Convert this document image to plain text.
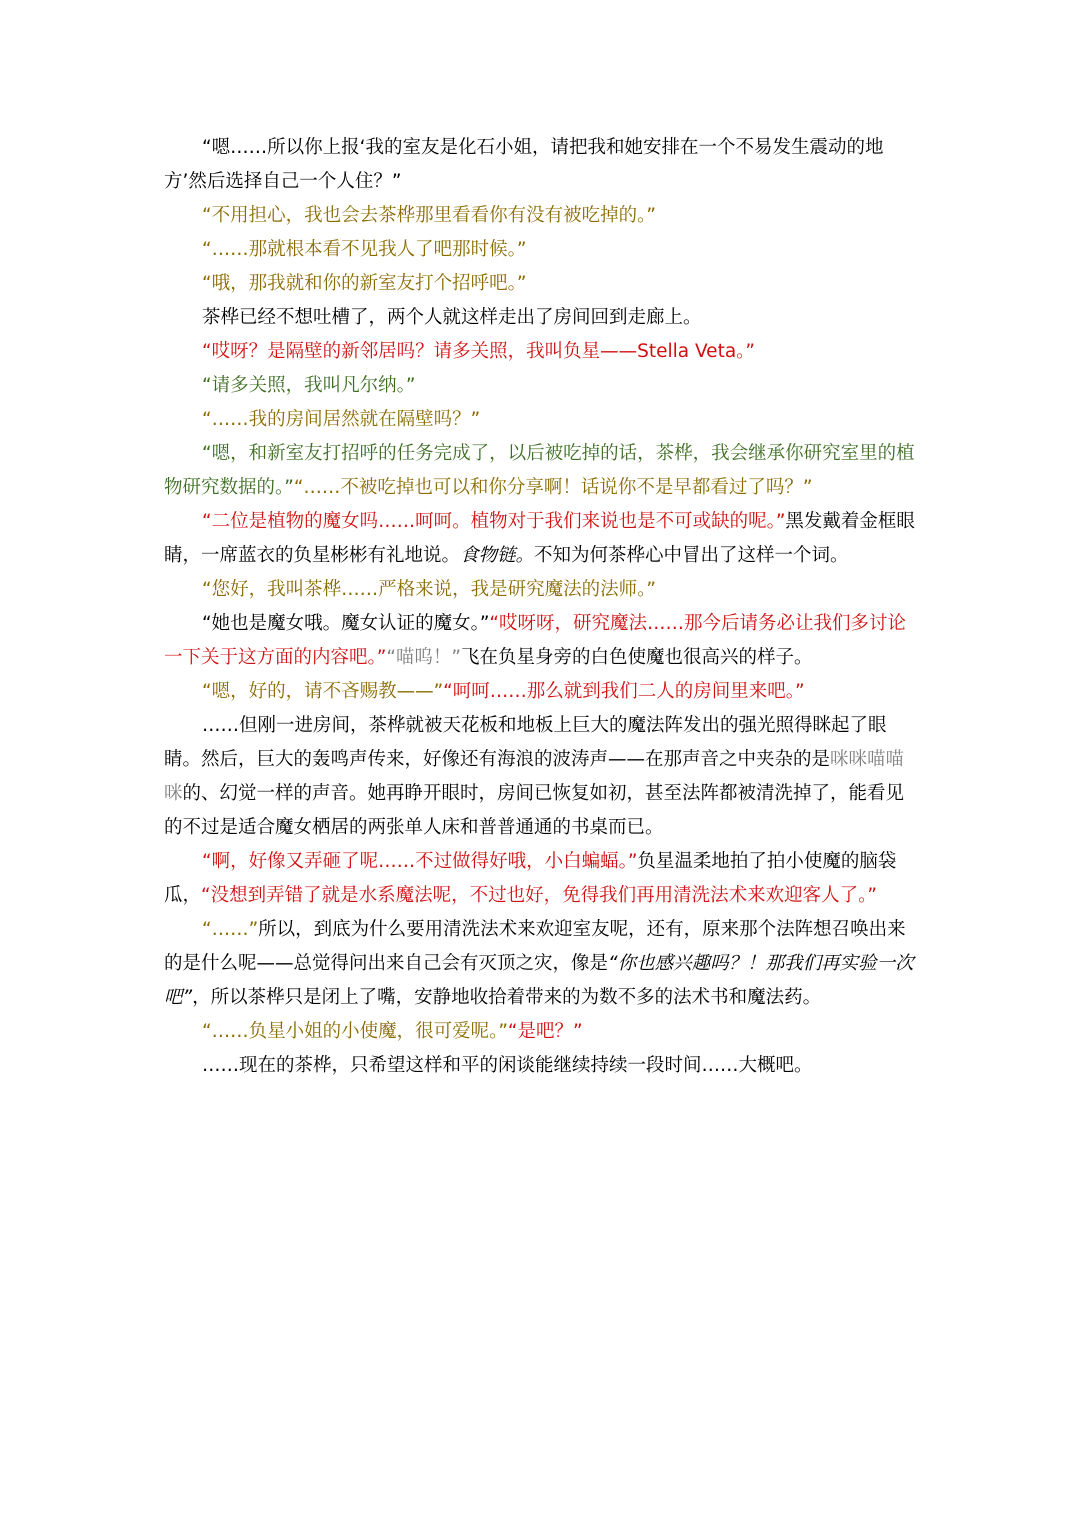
“嗯……所以你上报‘我的室友是化石小姐，请把我和她安排在一个不易发生震动的地方’然后选择自己一个人住？”

“不用担心，我也会去茶桦那里看看你有没有被吃掉的。”

“……那就根本看不见我人了吧那时候。”

“哦，那我就和你的新室友打个招呼吧。”

茶桦已经不想吐槽了，两个人就这样走出了房间回到走廊上。

“哎呀？是隔壁的新邻居吗？请多关照，我叫负星——Stella Veta。”

“请多关照，我叫凡尔纳。”

“……我的房间居然就在隔壁吗？”

“嗯，和新室友打招呼的任务完成了，以后被吃掉的话，茶桦，我会继承你研究室里的植物研究数据的。”“……不被吃掉也可以和你分享啊！话说你不是早都看过了吗？”

“二位是植物的魔女吗……呵呵。植物对于我们来说也是不可或缺的呢。”黑发戴着金框眼睛，一席蓝衣的负星彬彬有礼地说。食物链。不知为何茶桦心中冒出了这样一个词。

“您好，我叫茶桦……严格来说，我是研究魔法的法师。”

“她也是魔女哦。魔女认证的魔女。”“哎呀呀，研究魔法……那今后请务必让我们多讨论一下关于这方面的内容吧。”“喵呜！”飞在负星身旁的白色使魔也很高兴的样子。

“嗯，好的，请不吝赐教——”“呵呵……那么就到我们二人的房间里来吧。”

……但刚一进房间，茶桦就被天花板和地板上巨大的魔法阵发出的强光照得眯起了眼睛。然后，巨大的轰鸣声传来，好像还有海浪的波涛声——在那声音之中夹杂的是咪咪喵喵咪的、幻觉一样的声音。她再睁开眼时，房间已恢复如初，甚至法阵都被清洗掉了，能看见的不过是适合魔女栖居的两张单人床和普普通通的书桌而已。

“啊，好像又弄砸了呢……不过做得好哦，小白蝙蝠。”负星温柔地拍了拍小使魔的脑袋瓜，“没想到弄错了就是水系魔法呢，不过也好，免得我们再用清洗法术来欢迎客人了。”

“……”所以，到底为什么要用清洗法术来欢迎室友呢，还有，原来那个法阵想召唤出来的是什么呢——总觉得问出来自己会有灭顶之灾，像是“你也感兴趣吗？！那我们再实验一次吧”，所以茶桦只是闭上了嘴，安静地收拾着带来的为数不多的法术书和魔法药。

“……负星小姐的小使魔，很可爱呢。”“是吧？”

……现在的茶桦，只希望这样和平的闲谈能继续持续一段时间……大概吧。
